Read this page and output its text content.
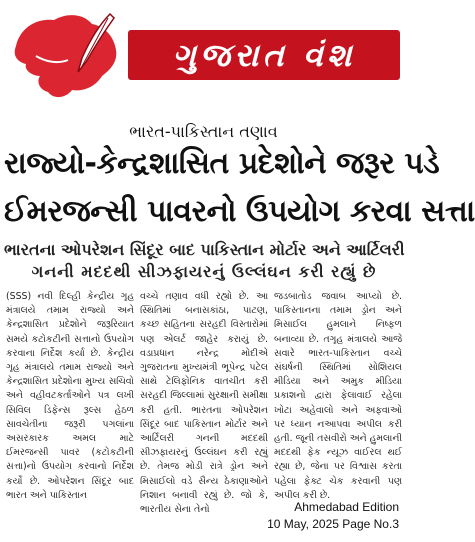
ગુજરાત વંશ
ભારત-પાકિસ્તાન તણાવ
રાજ્યો-કેન્દ્રશાસિત પ્રદેશોને જરૂર પડે
ઈમરજન્સી પાવરનો ઉપયોગ કરવા સત્તા
ભારતના ઓપરેશન સિંદૂર બાદ પાકિસ્તાન મોર્ટાર અને આર્ટિલરી
ગનની મદદથી સીઝફાયરનું ઉલ્લંઘન કરી રહ્યું છે

(SSS) નવી દિલ્હી કેન્દ્રીય ગૃહ મંત્રાલયે તમામ રાજ્યો અને કેન્દ્રશાસિત પ્રદેશોને જરૂરિયાત સમયે કટોકટીની સત્તાનો ઉપયોગ કરવાના નિર્દેશ કર્યા છે. કેન્દ્રીય ગૃહ મંત્રાલયે તમામ રાજ્યો અને કેન્દ્રશાસિત પ્રદેશોના મુખ્ય સચિવો અને વહીવટકર્તાઓને પત્ર લખી સિવિલ ડિફેન્સ રૂલ્સ હેઠળ સાવચેતીના જરૂરી પગલાંના અસરકારક અમલ માટે ઈમરજન્સી પાવર (કટોકટીની સત્તા)નો ઉપયોગ કરવાનો નિર્દેશ કર્યો છે. ઓપરેશન સિંદૂર બાદ ભારત અને પાકિસ્તાન

વચ્ચે તણાવ વધી રહ્યો છે. આ સ્થિતિમાં બનાસકાંઠા, પાટણ, કચ્છ સહિતના સરહદી વિસ્તારોમાં પણ એલર્ટ જાહેર કરાયું છે. વડાપ્રધાન નરેન્દ્ર મોદીએ ગુજરાતના મુખ્યમંત્રી ભૂપેન્દ્ર પટેલ સાથે ટેલિફોનિક વાતચીત કરી સરહદી જિલ્લામાં સુરક્ષાની સમીક્ષા કરી હતી. ભારતના ઓપરેશન સિંદૂર બાદ પાકિસ્તાન મોર્ટાર અને આર્ટિલરી ગનની મદદથી સીઝફાયરનું ઉલ્લંઘન કરી રહ્યું છે. તેમજ મોડી રાત્રે ડ્રોન અને મિસાઈલો વડે સૈન્ય ઠેકાણાઓને નિશાન બનાવી રહ્યું છે. જો કે, ભારતીય સેના તેનો

જડબાતોડ જવાબ આપ્યો છે. પાકિસ્તાનના તમામ ડ્રોન અને મિસાઈલ હુમલાને નિષ્ફળ બનાવ્યા છે. તગૃહ મંત્રાલયે આજે સવારે ભારત-પાકિસ્તાન વચ્ચે સંઘર્ષની સ્થિતિમાં સોશિયલ મીડિયા અને અમુક મીડિયા પ્રકાશનો દ્વારા ફેલાવાઈ રહેલા ખોટા અહેવાલો અને અફવાઓ પર ધ્યાન નઆપવા અપીલ કરી હતી. જૂની તસવીરો અને હુમલાની મદદથી ફેક ન્યૂઝ વાઈરલ થઈ રહ્યા છે, જેના પર વિશ્વાસ કરતા પહેલા ફેક્ટ ચેક કરવાની પણ અપીલ કરી છે.

Ahmedabad Edition
10 May, 2025 Page No.3
